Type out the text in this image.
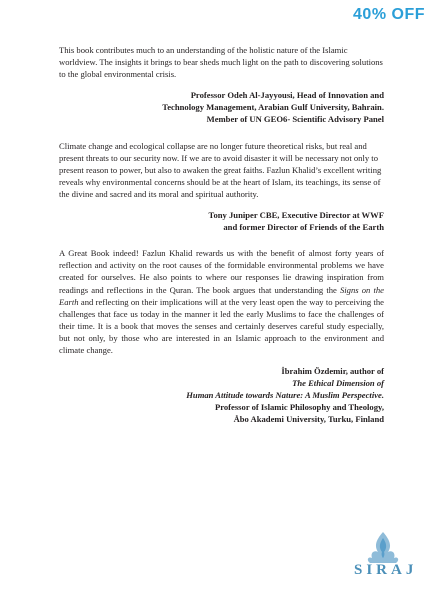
40% OFF

This book contributes much to an understanding of the holistic nature of the Islamic worldview. The insights it brings to bear sheds much light on the path to discovering solutions to the global environmental crisis.

Professor Odeh Al-Jayyousi, Head of Innovation and
Technology Management, Arabian Gulf University, Bahrain.
Member of UN GEO6- Scientific Advisory Panel

Climate change and ecological collapse are no longer future theoretical risks, but real and present threats to our security now. If we are to avoid disaster it will be necessary not only to present reason to power, but also to awaken the great faiths. Fazlun Khalid’s excellent writing reveals why environmental concerns should be at the heart of Islam, its teachings, its sense of the divine and sacred and its moral and spiritual authority.

Tony Juniper CBE, Executive Director at WWF
and former Director of Friends of the Earth

A Great Book indeed! Fazlun Khalid rewards us with the benefit of almost forty years of reflection and activity on the root causes of the formidable environmental problems we have created for ourselves. He also points to where our responses lie drawing inspiration from readings and reflections in the Quran. The book argues that understanding the Signs on the Earth and reflecting on their implications will at the very least open the way to perceiving the challenges that face us today in the manner it led the early Muslims to face the challenges of their time. It is a book that moves the senses and certainly deserves careful study especially, but not only, by those who are interested in an Islamic approach to the environment and climate change.

İbrahim Özdemir, author of
The Ethical Dimension of
Human Attitude towards Nature: A Muslim Perspective.
Professor of Islamic Philosophy and Theology,
Åbo Akademi University, Turku, Finland
SIRAJ
